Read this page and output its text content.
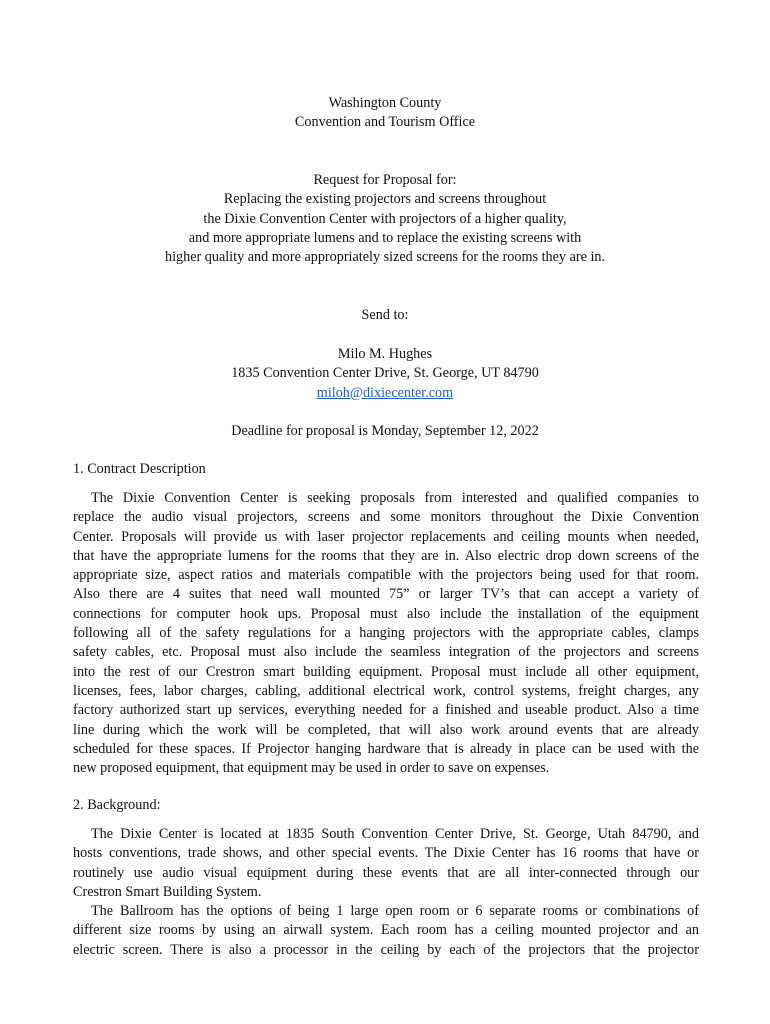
Washington County
Convention and Tourism Office
Request for Proposal for:
Replacing the existing projectors and screens throughout
the Dixie Convention Center with projectors of a higher quality,
and more appropriate lumens and to replace the existing screens with
higher quality and more appropriately sized screens for the rooms they are in.
Send to:
Milo M. Hughes
1835 Convention Center Drive, St. George, UT 84790
miloh@dixiecenter.com
Deadline for proposal is Monday, September 12, 2022
1. Contract Description
The Dixie Convention Center is seeking proposals from interested and qualified companies to
replace the audio visual projectors, screens and some monitors throughout the Dixie Convention
Center. Proposals will provide us with laser projector replacements and ceiling mounts when needed,
that have the appropriate lumens for the rooms that they are in. Also electric drop down screens of the
appropriate size, aspect ratios and materials compatible with the projectors being used for that room.
Also there are 4 suites that need wall mounted 75” or larger TV’s that can accept a variety of
connections for computer hook ups. Proposal must also include the installation of the equipment
following all of the safety regulations for a hanging projectors with the appropriate cables, clamps
safety cables, etc. Proposal must also include the seamless integration of the projectors and screens
into the rest of our Crestron smart building equipment. Proposal must include all other equipment,
licenses, fees, labor charges, cabling, additional electrical work, control systems, freight charges, any
factory authorized start up services, everything needed for a finished and useable product. Also a time
line during which the work will be completed, that will also work around events that are already
scheduled for these spaces. If Projector hanging hardware that is already in place can be used with the
new proposed equipment, that equipment may be used in order to save on expenses.
2. Background:
The Dixie Center is located at 1835 South Convention Center Drive, St. George, Utah 84790, and
hosts conventions, trade shows, and other special events. The Dixie Center has 16 rooms that have or
routinely use audio visual equipment during these events that are all inter-connected through our
Crestron Smart Building System.
The Ballroom has the options of being 1 large open room or 6 separate rooms or combinations of
different size rooms by using an airwall system. Each room has a ceiling mounted projector and an
electric screen. There is also a processor in the ceiling by each of the projectors that the projector
